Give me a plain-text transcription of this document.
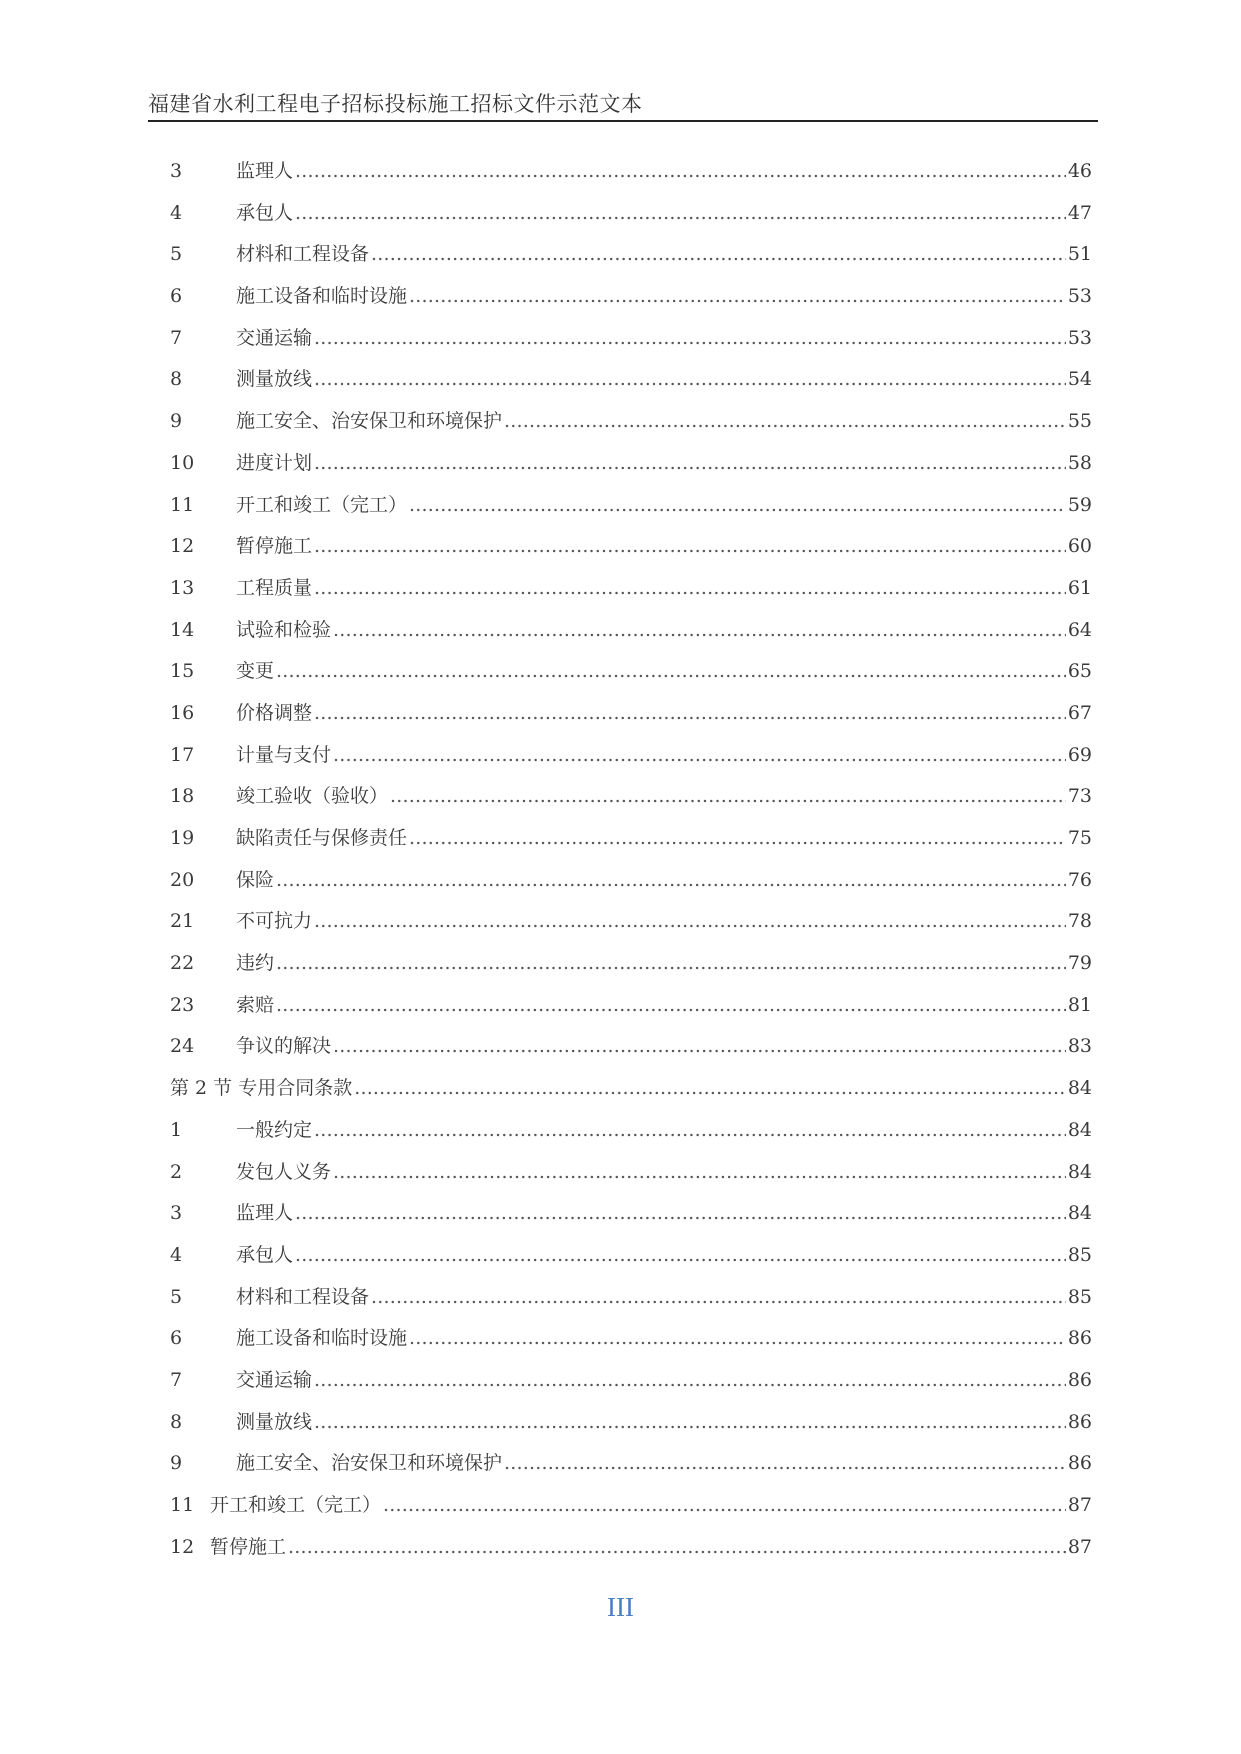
福建省水利工程电子招标投标施工招标文件示范文本
3	监理人 .....	46
4	承包人 .....	47
5	材料和工程设备 .....	51
6	施工设备和临时设施 .....	53
7	交通运输 .....	53
8	测量放线 .....	54
9	施工安全、治安保卫和环境保护 .....	55
10	进度计划 .....	58
11	开工和竣工（完工） .....	59
12	暂停施工 .....	60
13	工程质量 .....	61
14	试验和检验 .....	64
15	变更 .....	65
16	价格调整 .....	67
17	计量与支付 .....	69
18	竣工验收（验收） .....	73
19	缺陷责任与保修责任 .....	75
20	保险 .....	76
21	不可抗力 .....	78
22	违约 .....	79
23	索赔 .....	81
24	争议的解决 .....	83
第 2 节 专用合同条款 .....	84
1	一般约定 .....	84
2	发包人义务 .....	84
3	监理人 .....	84
4	承包人 .....	85
5	材料和工程设备 .....	85
6	施工设备和临时设施 .....	86
7	交通运输 .....	86
8	测量放线 .....	86
9	施工安全、治安保卫和环境保护 .....	86
11 开工和竣工（完工） .....	87
12 暂停施工 .....	87
III
